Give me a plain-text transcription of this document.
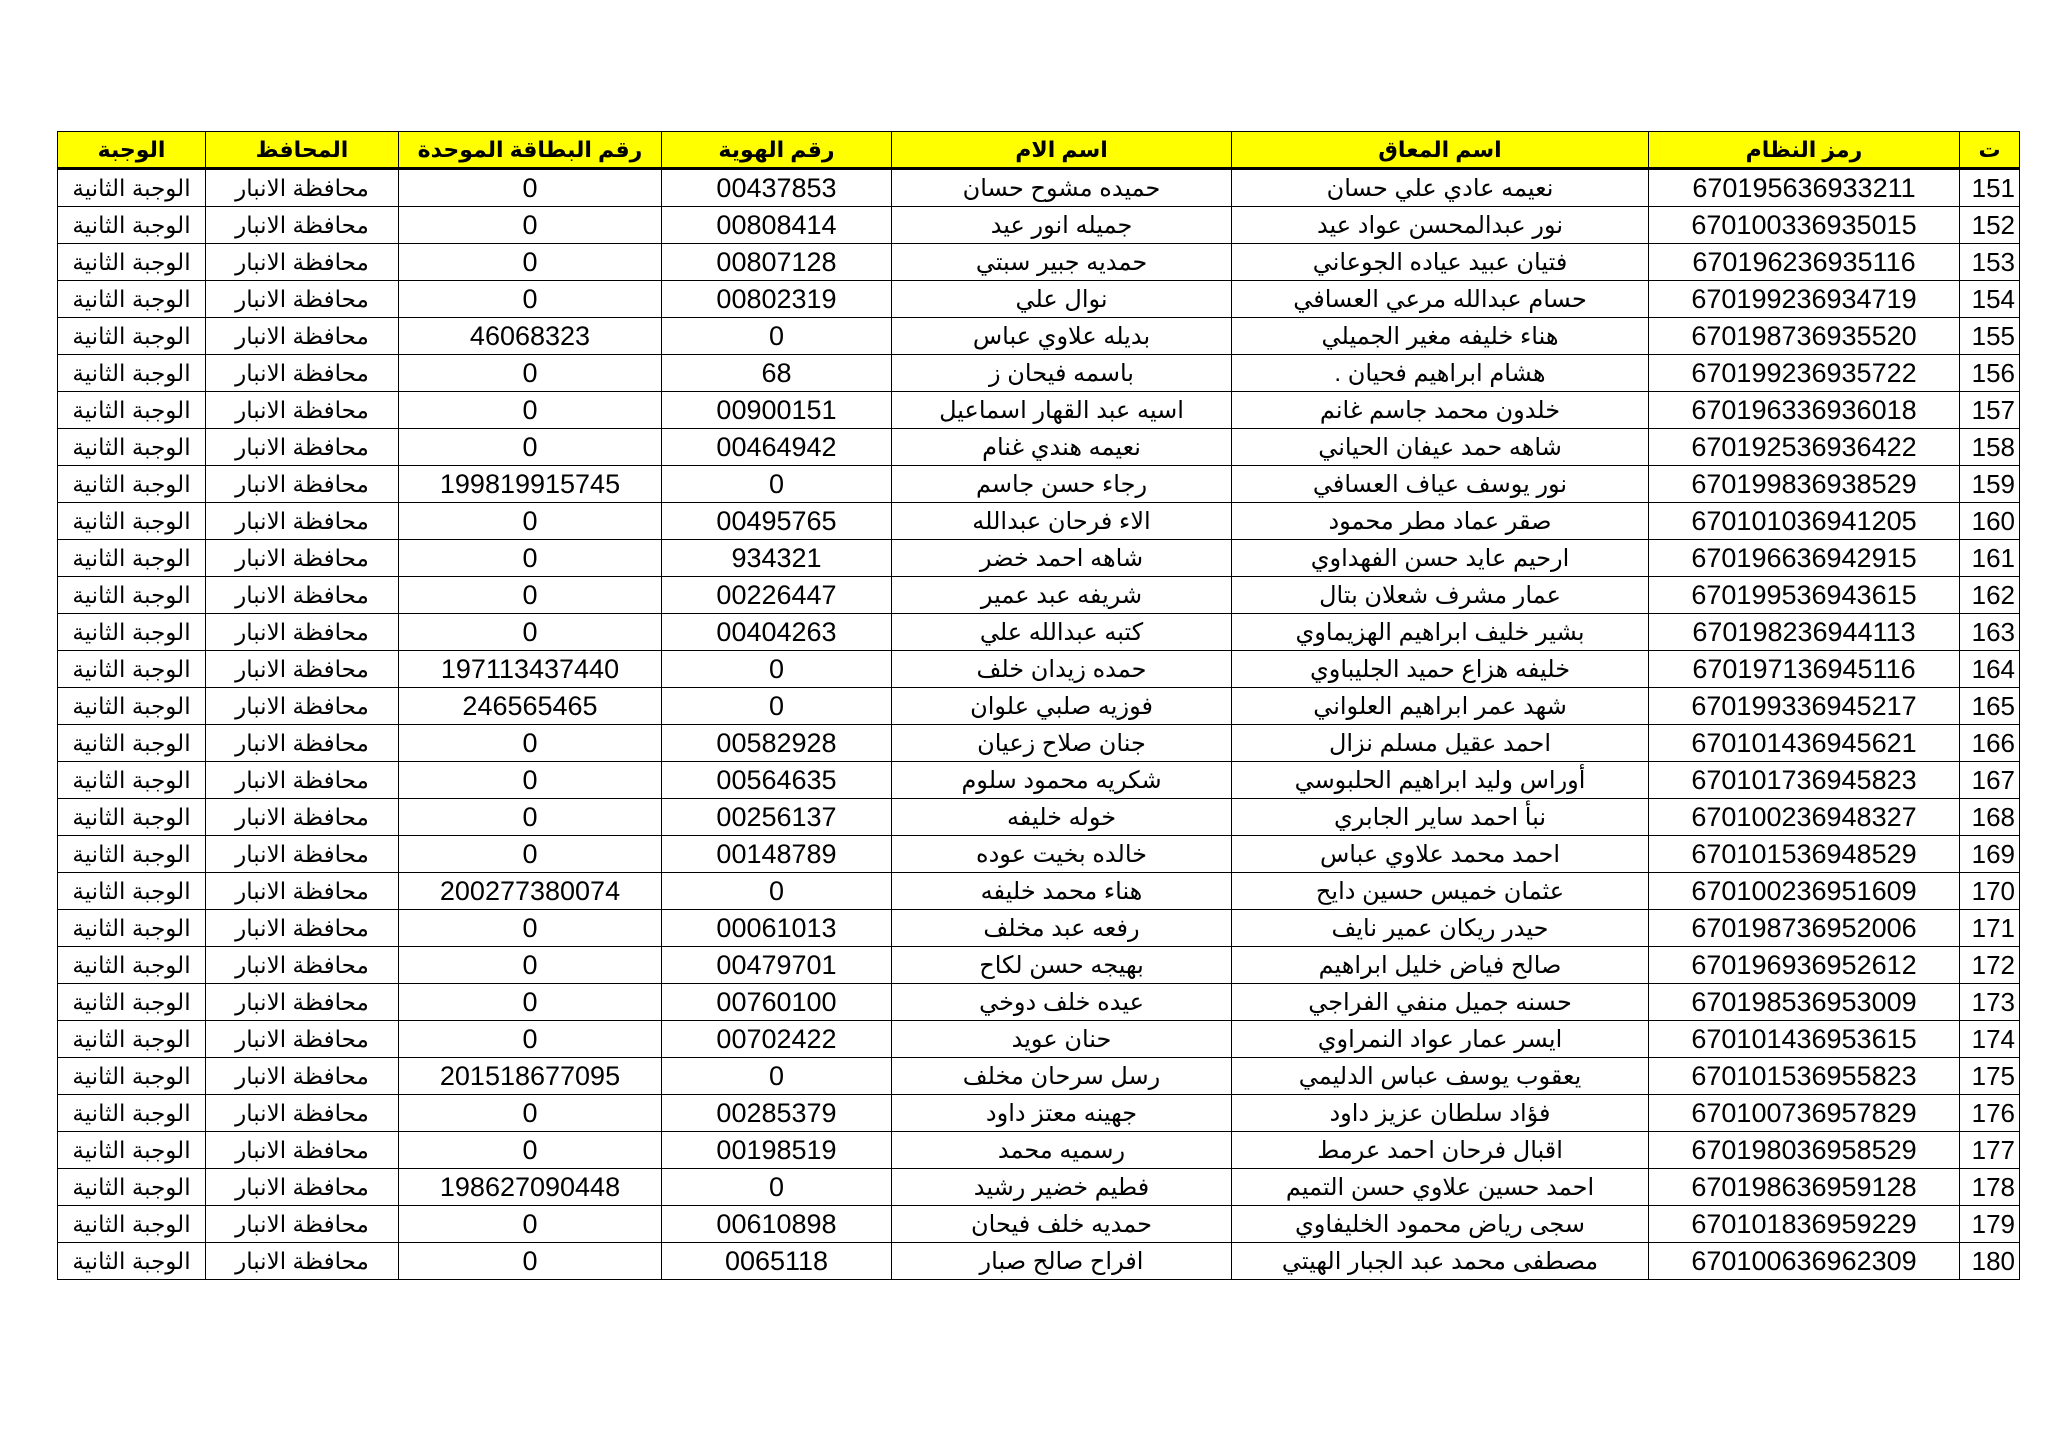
ت	رمز النظام	اسم المعاق	اسم الام	رقم الهوية	رقم البطاقة الموحدة	المحافظ	الوجبة
151	670195636933211	نعيمه عادي علي حسان	حميده مشوح حسان	00437853	0	محافظة الانبار	الوجبة الثانية
152	670100336935015	نور عبدالمحسن عواد عيد	جميله انور عيد	00808414	0	محافظة الانبار	الوجبة الثانية
153	670196236935116	فتيان عبيد عياده الجوعاني	حمديه جبير سبتي	00807128	0	محافظة الانبار	الوجبة الثانية
154	670199236934719	حسام عبدالله مرعي العسافي	نوال علي	00802319	0	محافظة الانبار	الوجبة الثانية
155	670198736935520	هناء خليفه مغير الجميلي	بديله علاوي عباس	0	46068323	محافظة الانبار	الوجبة الثانية
156	670199236935722	هشام ابراهيم فحيان .	باسمه فيحان ز	68	0	محافظة الانبار	الوجبة الثانية
157	670196336936018	خلدون محمد جاسم غانم	اسيه عبد القهار اسماعيل	00900151	0	محافظة الانبار	الوجبة الثانية
158	670192536936422	شاهه حمد عيفان الحياني	نعيمه هندي غنام	00464942	0	محافظة الانبار	الوجبة الثانية
159	670199836938529	نور يوسف عياف العسافي	رجاء حسن جاسم	0	199819915745	محافظة الانبار	الوجبة الثانية
160	670101036941205	صقر عماد مطر محمود	الاء فرحان عبدالله	00495765	0	محافظة الانبار	الوجبة الثانية
161	670196636942915	ارحيم عايد حسن الفهداوي	شاهه احمد خضر	934321	0	محافظة الانبار	الوجبة الثانية
162	670199536943615	عمار مشرف شعلان بتال	شريفه عبد عمير	00226447	0	محافظة الانبار	الوجبة الثانية
163	670198236944113	بشير خليف ابراهيم الهزيماوي	كتبه عبدالله علي	00404263	0	محافظة الانبار	الوجبة الثانية
164	670197136945116	خليفه هزاع حميد الجليباوي	حمده زيدان خلف	0	197113437440	محافظة الانبار	الوجبة الثانية
165	670199336945217	شهد عمر ابراهيم العلواني	فوزيه صلبي علوان	0	246565465	محافظة الانبار	الوجبة الثانية
166	670101436945621	احمد عقيل مسلم نزال	جنان صلاح زعيان	00582928	0	محافظة الانبار	الوجبة الثانية
167	670101736945823	أوراس وليد ابراهيم الحلبوسي	شكريه محمود سلوم	00564635	0	محافظة الانبار	الوجبة الثانية
168	670100236948327	نبأ احمد ساير الجابري	خوله خليفه	00256137	0	محافظة الانبار	الوجبة الثانية
169	670101536948529	احمد محمد علاوي عباس	خالده بخيت عوده	00148789	0	محافظة الانبار	الوجبة الثانية
170	670100236951609	عثمان خميس حسين دايح	هناء محمد خليفه	0	200277380074	محافظة الانبار	الوجبة الثانية
171	670198736952006	حيدر ريكان عمير نايف	رفعه عبد مخلف	00061013	0	محافظة الانبار	الوجبة الثانية
172	670196936952612	صالح فياض خليل ابراهيم	بهيجه حسن لكاح	00479701	0	محافظة الانبار	الوجبة الثانية
173	670198536953009	حسنه جميل منفي الفراجي	عيده خلف دوخي	00760100	0	محافظة الانبار	الوجبة الثانية
174	670101436953615	ايسر عمار عواد النمراوي	حنان عويد	00702422	0	محافظة الانبار	الوجبة الثانية
175	670101536955823	يعقوب يوسف عباس الدليمي	رسل سرحان مخلف	0	201518677095	محافظة الانبار	الوجبة الثانية
176	670100736957829	فؤاد سلطان عزيز داود	جهينه معتز داود	00285379	0	محافظة الانبار	الوجبة الثانية
177	670198036958529	اقبال فرحان احمد عرمط	رسميه محمد	00198519	0	محافظة الانبار	الوجبة الثانية
178	670198636959128	احمد حسين علاوي حسن التميم	فطيم خضير رشيد	0	198627090448	محافظة الانبار	الوجبة الثانية
179	670101836959229	سجى رياض محمود الخليفاوي	حمديه خلف فيحان	00610898	0	محافظة الانبار	الوجبة الثانية
180	670100636962309	مصطفى محمد عبد الجبار الهيتي	افراح صالح صبار	0065118	0	محافظة الانبار	الوجبة الثانية
